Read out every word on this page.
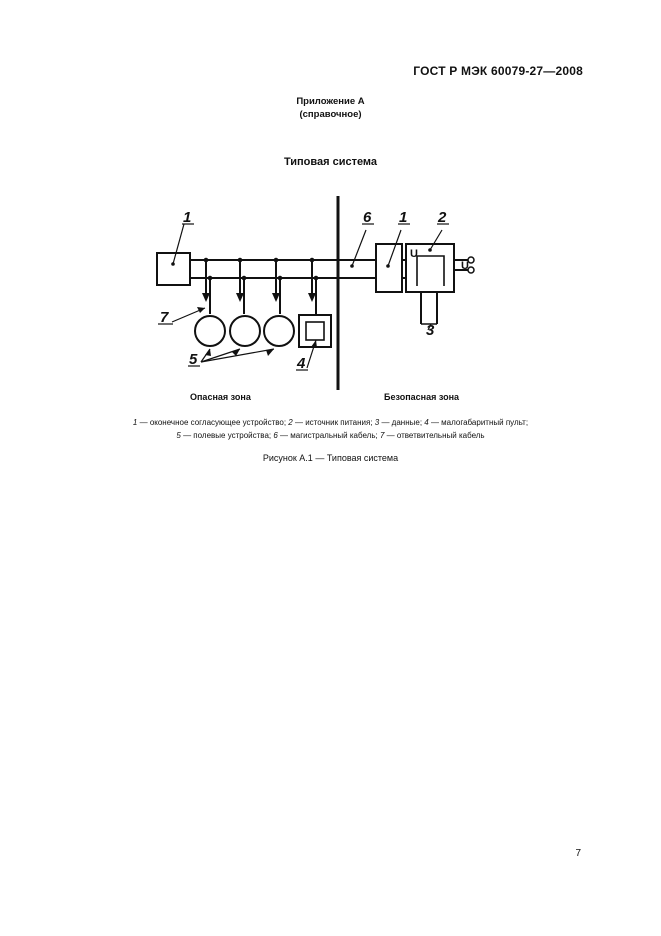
ГОСТ Р МЭК 60079-27—2008
Приложение А
(справочное)
Типовая система
1
7
5	4
6 1 2
3
U
U
Опасная зона	Безопасная зона
1 — оконечное согласующее устройство; 2 — источник питания; 3 — данные; 4 — малогабаритный пульт;
5 — полевые устройства; 6 — магистральный кабель; 7 — ответвительный кабель
Рисунок А.1 — Типовая система
7
